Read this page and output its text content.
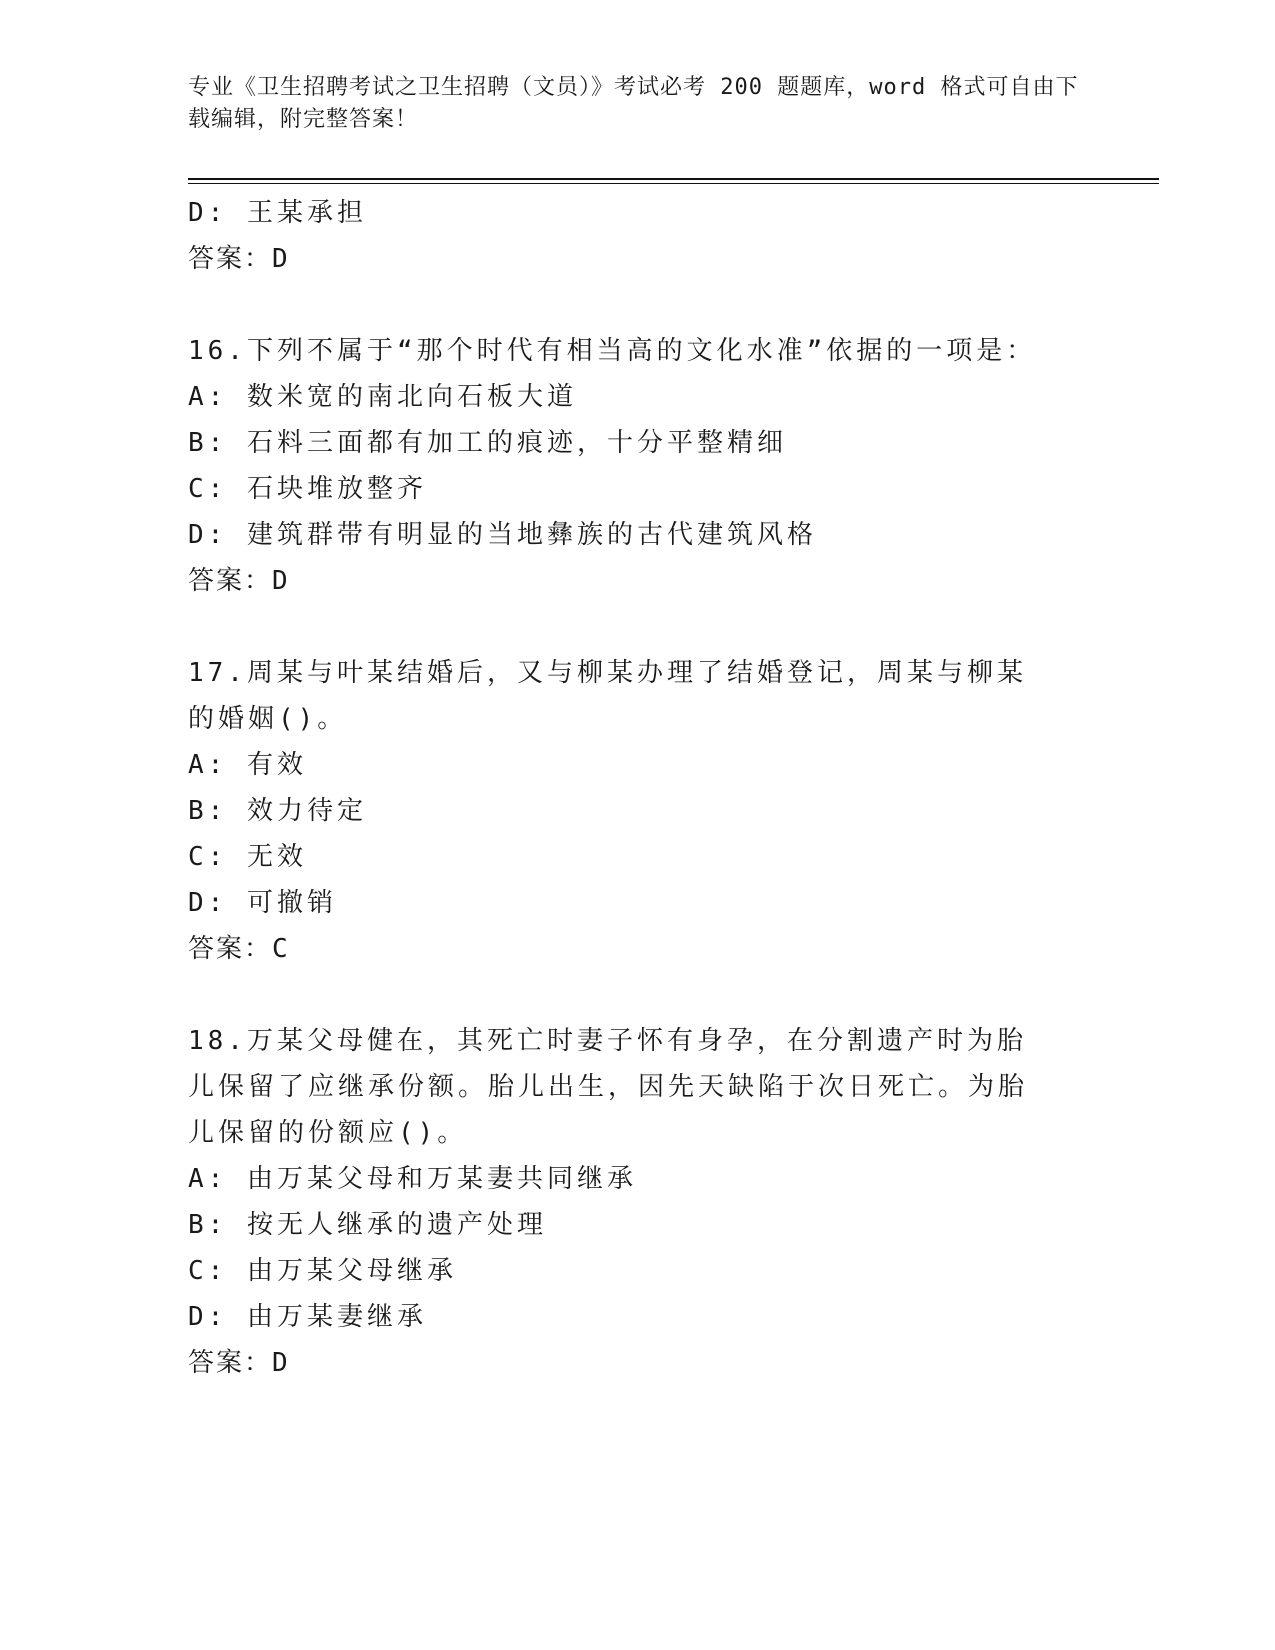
专业《卫生招聘考试之卫生招聘（文员）》考试必考 200 题题库，word 格式可自由下载编辑，附完整答案！
D: 王某承担
答案：D
16.下列不属于“那个时代有相当高的文化水准”依据的一项是：
A: 数米宽的南北向石板大道
B: 石料三面都有加工的痕迹，十分平整精细
C: 石块堆放整齐
D: 建筑群带有明显的当地彝族的古代建筑风格
答案：D
17.周某与叶某结婚后，又与柳某办理了结婚登记，周某与柳某的婚姻()。
A: 有效
B: 效力待定
C: 无效
D: 可撤销
答案：C
18.万某父母健在，其死亡时妻子怀有身孕，在分割遗产时为胎儿保留了应继承份额。胎儿出生，因先天缺陷于次日死亡。为胎儿保留的份额应()。
A: 由万某父母和万某妻共同继承
B: 按无人继承的遗产处理
C: 由万某父母继承
D: 由万某妻继承
答案：D
